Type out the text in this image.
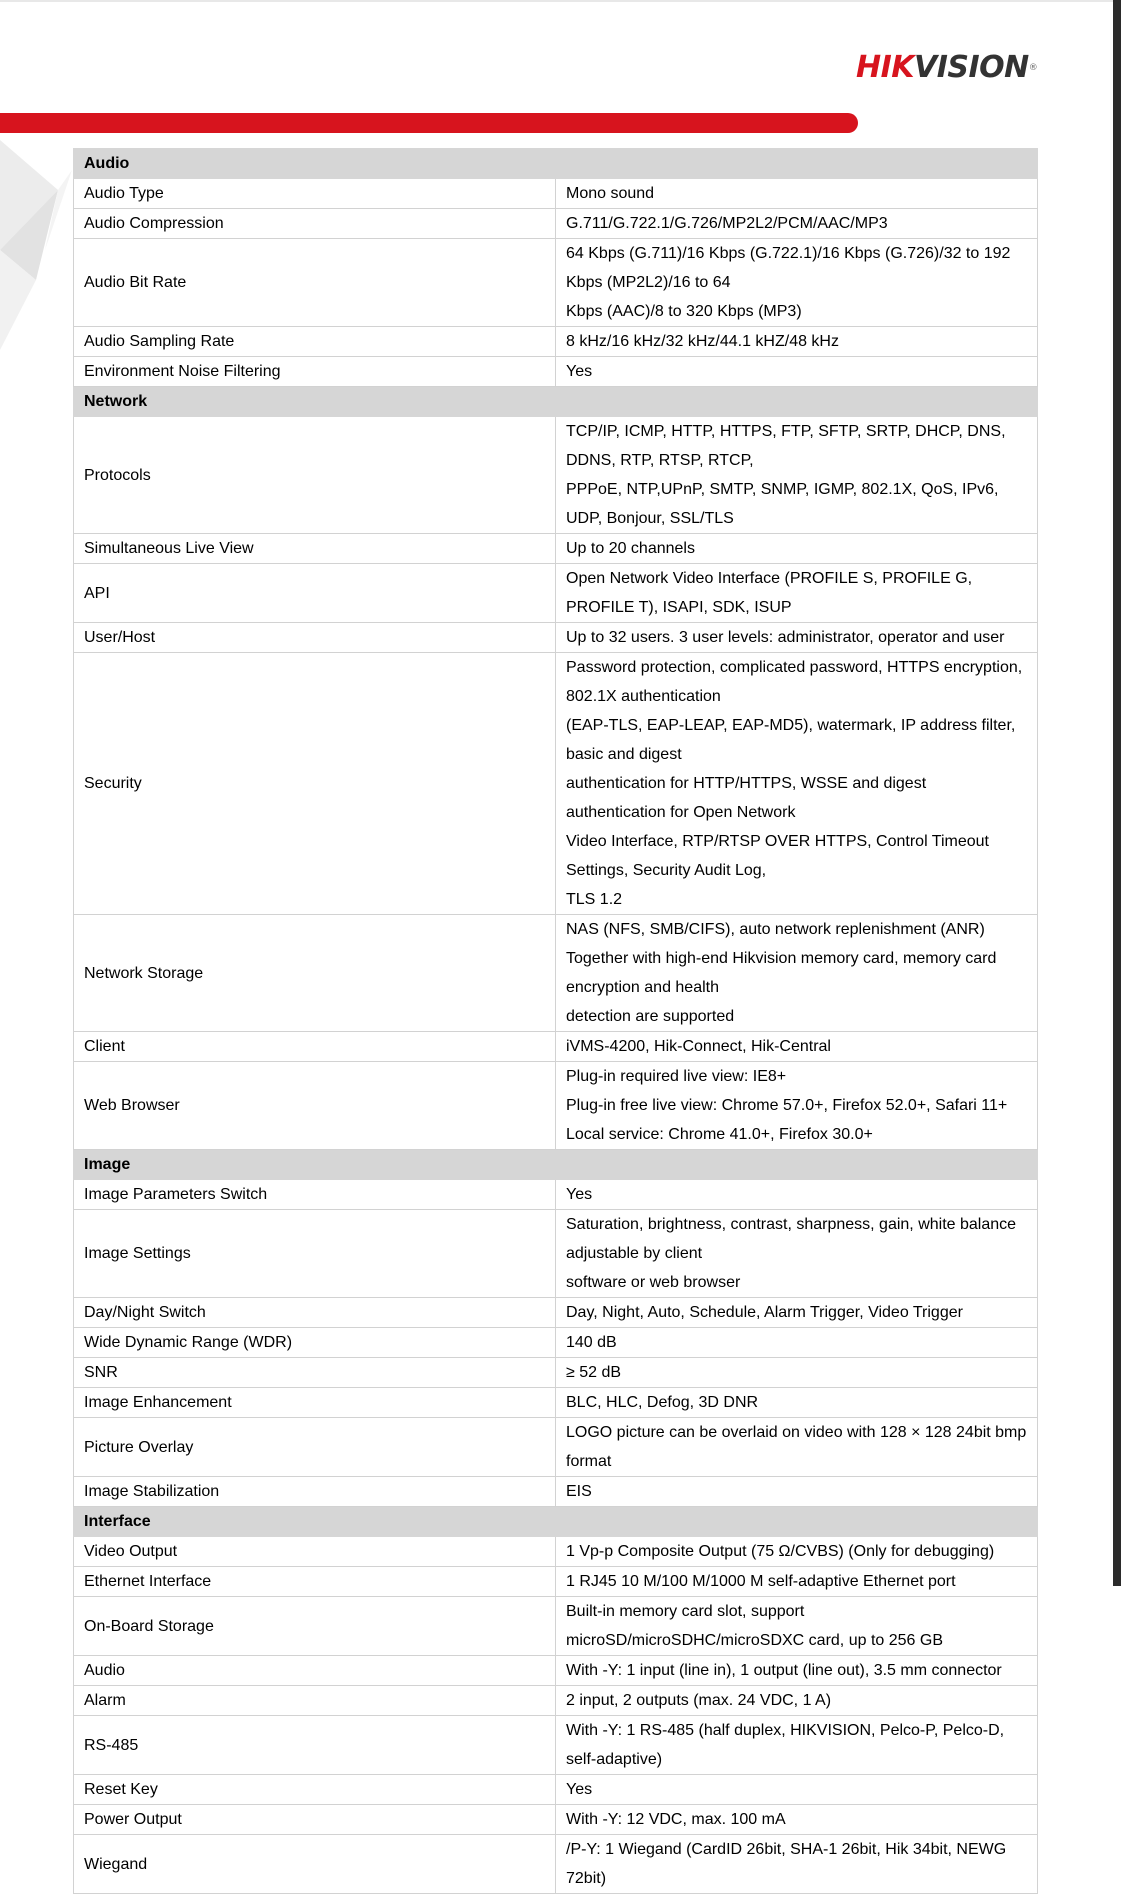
HIKVISION®
Audio	
Audio Type	Mono sound

Audio Compression	G.711/G.722.1/G.726/MP2L2/PCM/AAC/MP3

Audio Bit Rate	64 Kbps (G.711)/16 Kbps (G.722.1)/16 Kbps (G.726)/32 to 192 Kbps (MP2L2)/16 to 64
Kbps (AAC)/8 to 320 Kbps (MP3)

Audio Sampling Rate	8 kHz/16 kHz/32 kHz/44.1 kHZ/48 kHz

Environment Noise Filtering	Yes

Network	
Protocols	TCP/IP, ICMP, HTTP, HTTPS, FTP, SFTP, SRTP, DHCP, DNS, DDNS, RTP, RTSP, RTCP,
PPPoE, NTP,UPnP, SMTP, SNMP, IGMP, 802.1X, QoS, IPv6, UDP, Bonjour, SSL/TLS

Simultaneous Live View	Up to 20 channels

API	Open Network Video Interface (PROFILE S, PROFILE G, PROFILE T), ISAPI, SDK, ISUP

User/Host	Up to 32 users. 3 user levels: administrator, operator and user

Security	Password protection, complicated password, HTTPS encryption, 802.1X authentication
(EAP-TLS, EAP-LEAP, EAP-MD5), watermark, IP address filter, basic and digest
authentication for HTTP/HTTPS, WSSE and digest authentication for Open Network
Video Interface, RTP/RTSP OVER HTTPS, Control Timeout Settings, Security Audit Log,
TLS 1.2

Network Storage	NAS (NFS, SMB/CIFS), auto network replenishment (ANR)
Together with high-end Hikvision memory card, memory card encryption and health
detection are supported

Client	iVMS-4200, Hik-Connect, Hik-Central

Web Browser	Plug-in required live view: IE8+
Plug-in free live view: Chrome 57.0+, Firefox 52.0+, Safari 11+
Local service: Chrome 41.0+, Firefox 30.0+

Image	
Image Parameters Switch	Yes

Image Settings	Saturation, brightness, contrast, sharpness, gain, white balance adjustable by client
software or web browser

Day/Night Switch	Day, Night, Auto, Schedule, Alarm Trigger, Video Trigger

Wide Dynamic Range (WDR)	140 dB

SNR	≥ 52 dB

Image Enhancement	BLC, HLC, Defog, 3D DNR

Picture Overlay	LOGO picture can be overlaid on video with 128 × 128 24bit bmp format

Image Stabilization	EIS

Interface	
Video Output	1 Vp-p Composite Output (75 Ω/CVBS) (Only for debugging)

Ethernet Interface	1 RJ45 10 M/100 M/1000 M self-adaptive Ethernet port

On-Board Storage	Built-in memory card slot, support microSD/microSDHC/microSDXC card, up to 256 GB

Audio	With -Y: 1 input (line in), 1 output (line out), 3.5 mm connector

Alarm	2 input, 2 outputs (max. 24 VDC, 1 A)

RS-485	With -Y: 1 RS-485 (half duplex, HIKVISION, Pelco-P, Pelco-D, self-adaptive)

Reset Key	Yes

Power Output	With -Y: 12 VDC, max. 100 mA

Wiegand	/P-Y: 1 Wiegand (CardID 26bit, SHA-1 26bit, Hik 34bit, NEWG 72bit)
